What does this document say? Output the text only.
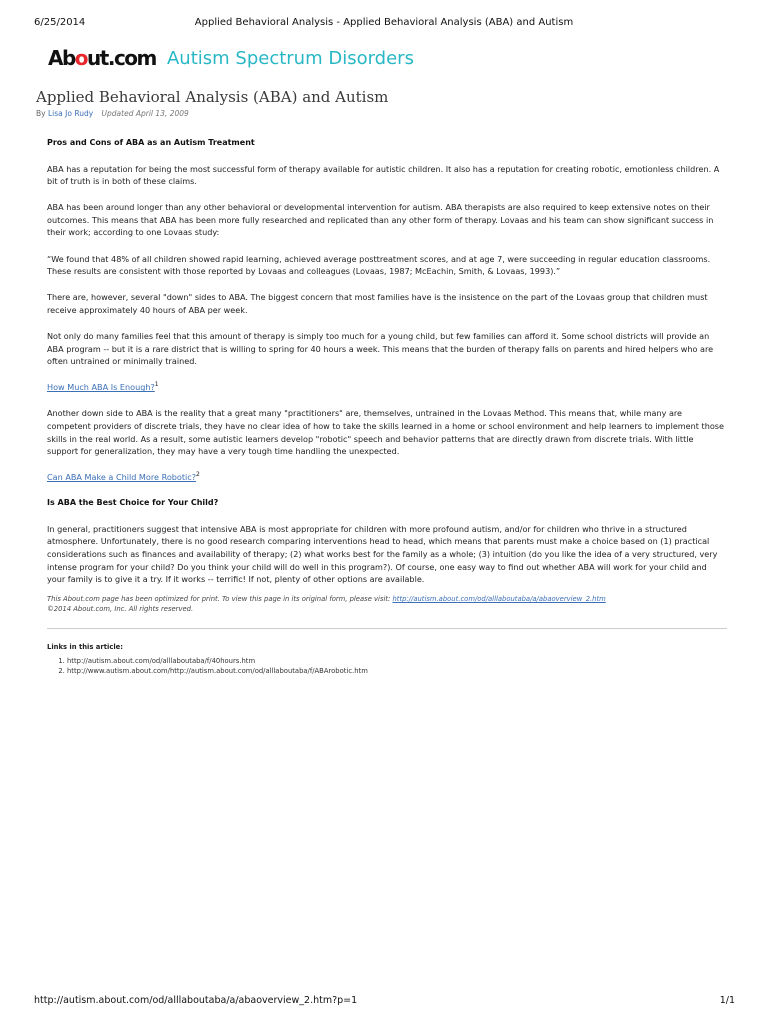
6/25/2014	Applied Behavioral Analysis - Applied Behavioral Analysis (ABA) and Autism
About.com Autism Spectrum Disorders
Applied Behavioral Analysis (ABA) and Autism
By Lisa Jo Rudy Updated April 13, 2009
Pros and Cons of ABA as an Autism Treatment

ABA has a reputation for being the most successful form of therapy available for autistic children. It also has a reputation for creating robotic, emotionless children. A bit of truth is in both of these claims.

ABA has been around longer than any other behavioral or developmental intervention for autism. ABA therapists are also required to keep extensive notes on their outcomes. This means that ABA has been more fully researched and replicated than any other form of therapy. Lovaas and his team can show significant success in their work; according to one Lovaas study:

“We found that 48% of all children showed rapid learning, achieved average posttreatment scores, and at age 7, were succeeding in regular education classrooms. These results are consistent with those reported by Lovaas and colleagues (Lovaas, 1987; McEachin, Smith, & Lovaas, 1993).”

There are, however, several "down" sides to ABA. The biggest concern that most families have is the insistence on the part of the Lovaas group that children must receive approximately 40 hours of ABA per week.

Not only do many families feel that this amount of therapy is simply too much for a young child, but few families can afford it. Some school districts will provide an ABA program -- but it is a rare district that is willing to spring for 40 hours a week. This means that the burden of therapy falls on parents and hired helpers who are often untrained or minimally trained.

How Much ABA Is Enough?$^1$

Another down side to ABA is the reality that a great many "practitioners" are, themselves, untrained in the Lovaas Method. This means that, while many are competent providers of discrete trials, they have no clear idea of how to take the skills learned in a home or school environment and help learners to implement those skills in the real world. As a result, some autistic learners develop "robotic" speech and behavior patterns that are directly drawn from discrete trials. With little support for generalization, they may have a very tough time handling the unexpected.

Can ABA Make a Child More Robotic?$^2$

Is ABA the Best Choice for Your Child?

In general, practitioners suggest that intensive ABA is most appropriate for children with more profound autism, and/or for children who thrive in a structured atmosphere. Unfortunately, there is no good research comparing interventions head to head, which means that parents must make a choice based on (1) practical considerations such as finances and availability of therapy; (2) what works best for the family as a whole; (3) intuition (do you like the idea of a very structured, very intense program for your child? Do you think your child will do well in this program?). Of course, one easy way to find out whether ABA will work for your child and your family is to give it a try. If it works -- terrific! If not, plenty of other options are available.

This About.com page has been optimized for print. To view this page in its original form, please visit: http://autism.about.com/od/alllaboutaba/a/abaoverview_2.htm
©2014 About.com, Inc. All rights reserved.
Links in this article:
1. http://autism.about.com/od/alllaboutaba/f/40hours.htm
2. http://www.autism.about.com/http://autism.about.com/od/alllaboutaba/f/ABArobotic.htm
http://autism.about.com/od/alllaboutaba/a/abaoverview_2.htm?p=1	1/1
